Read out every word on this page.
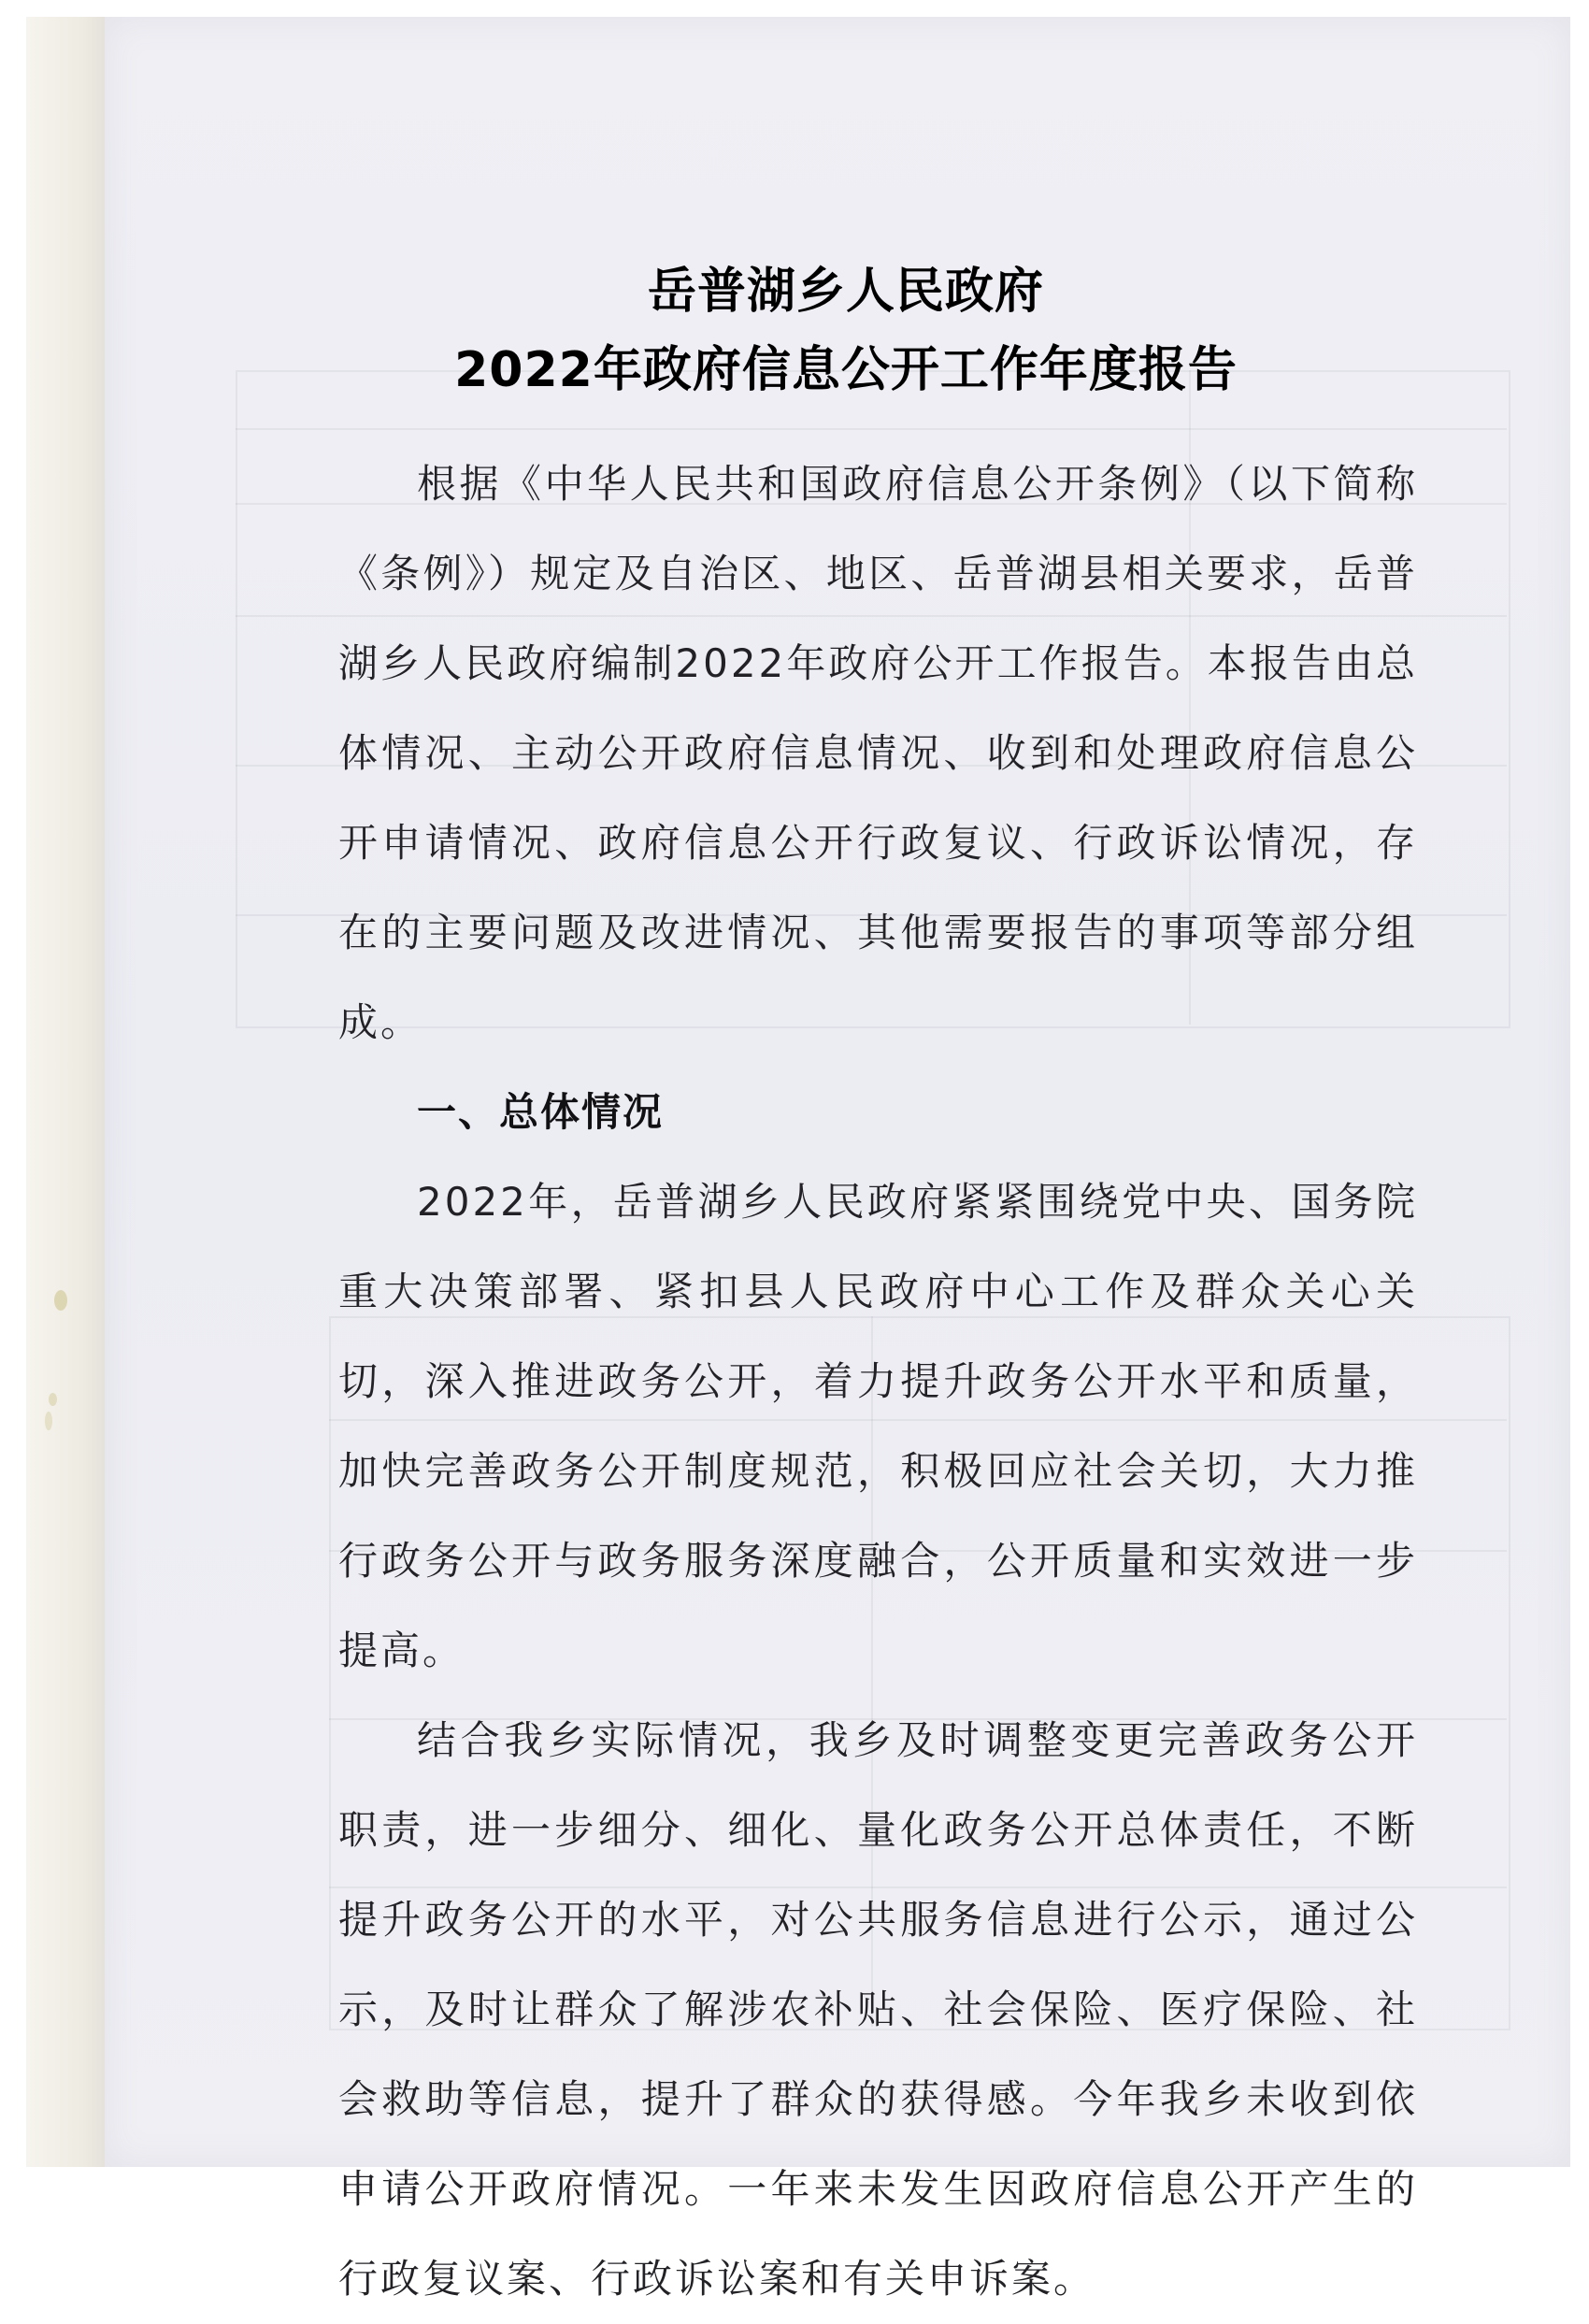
岳普湖乡人民政府
2022年政府信息公开工作年度报告

根据《中华人民共和国政府信息公开条例》（以下简称《条例》）规定及自治区、地区、岳普湖县相关要求，岳普湖乡人民政府编制2022年政府公开工作报告。本报告由总体情况、主动公开政府信息情况、收到和处理政府信息公开申请情况、政府信息公开行政复议、行政诉讼情况，存在的主要问题及改进情况、其他需要报告的事项等部分组成。

一、总体情况

2022年，岳普湖乡人民政府紧紧围绕党中央、国务院重大决策部署、紧扣县人民政府中心工作及群众关心关切，深入推进政务公开，着力提升政务公开水平和质量，加快完善政务公开制度规范，积极回应社会关切，大力推行政务公开与政务服务深度融合，公开质量和实效进一步提高。

结合我乡实际情况，我乡及时调整变更完善政务公开职责，进一步细分、细化、量化政务公开总体责任，不断提升政务公开的水平，对公共服务信息进行公示，通过公示，及时让群众了解涉农补贴、社会保险、医疗保险、社会救助等信息，提升了群众的获得感。今年我乡未收到依申请公开政府情况。一年来未发生因政府信息公开产生的行政复议案、行政诉讼案和有关申诉案。
